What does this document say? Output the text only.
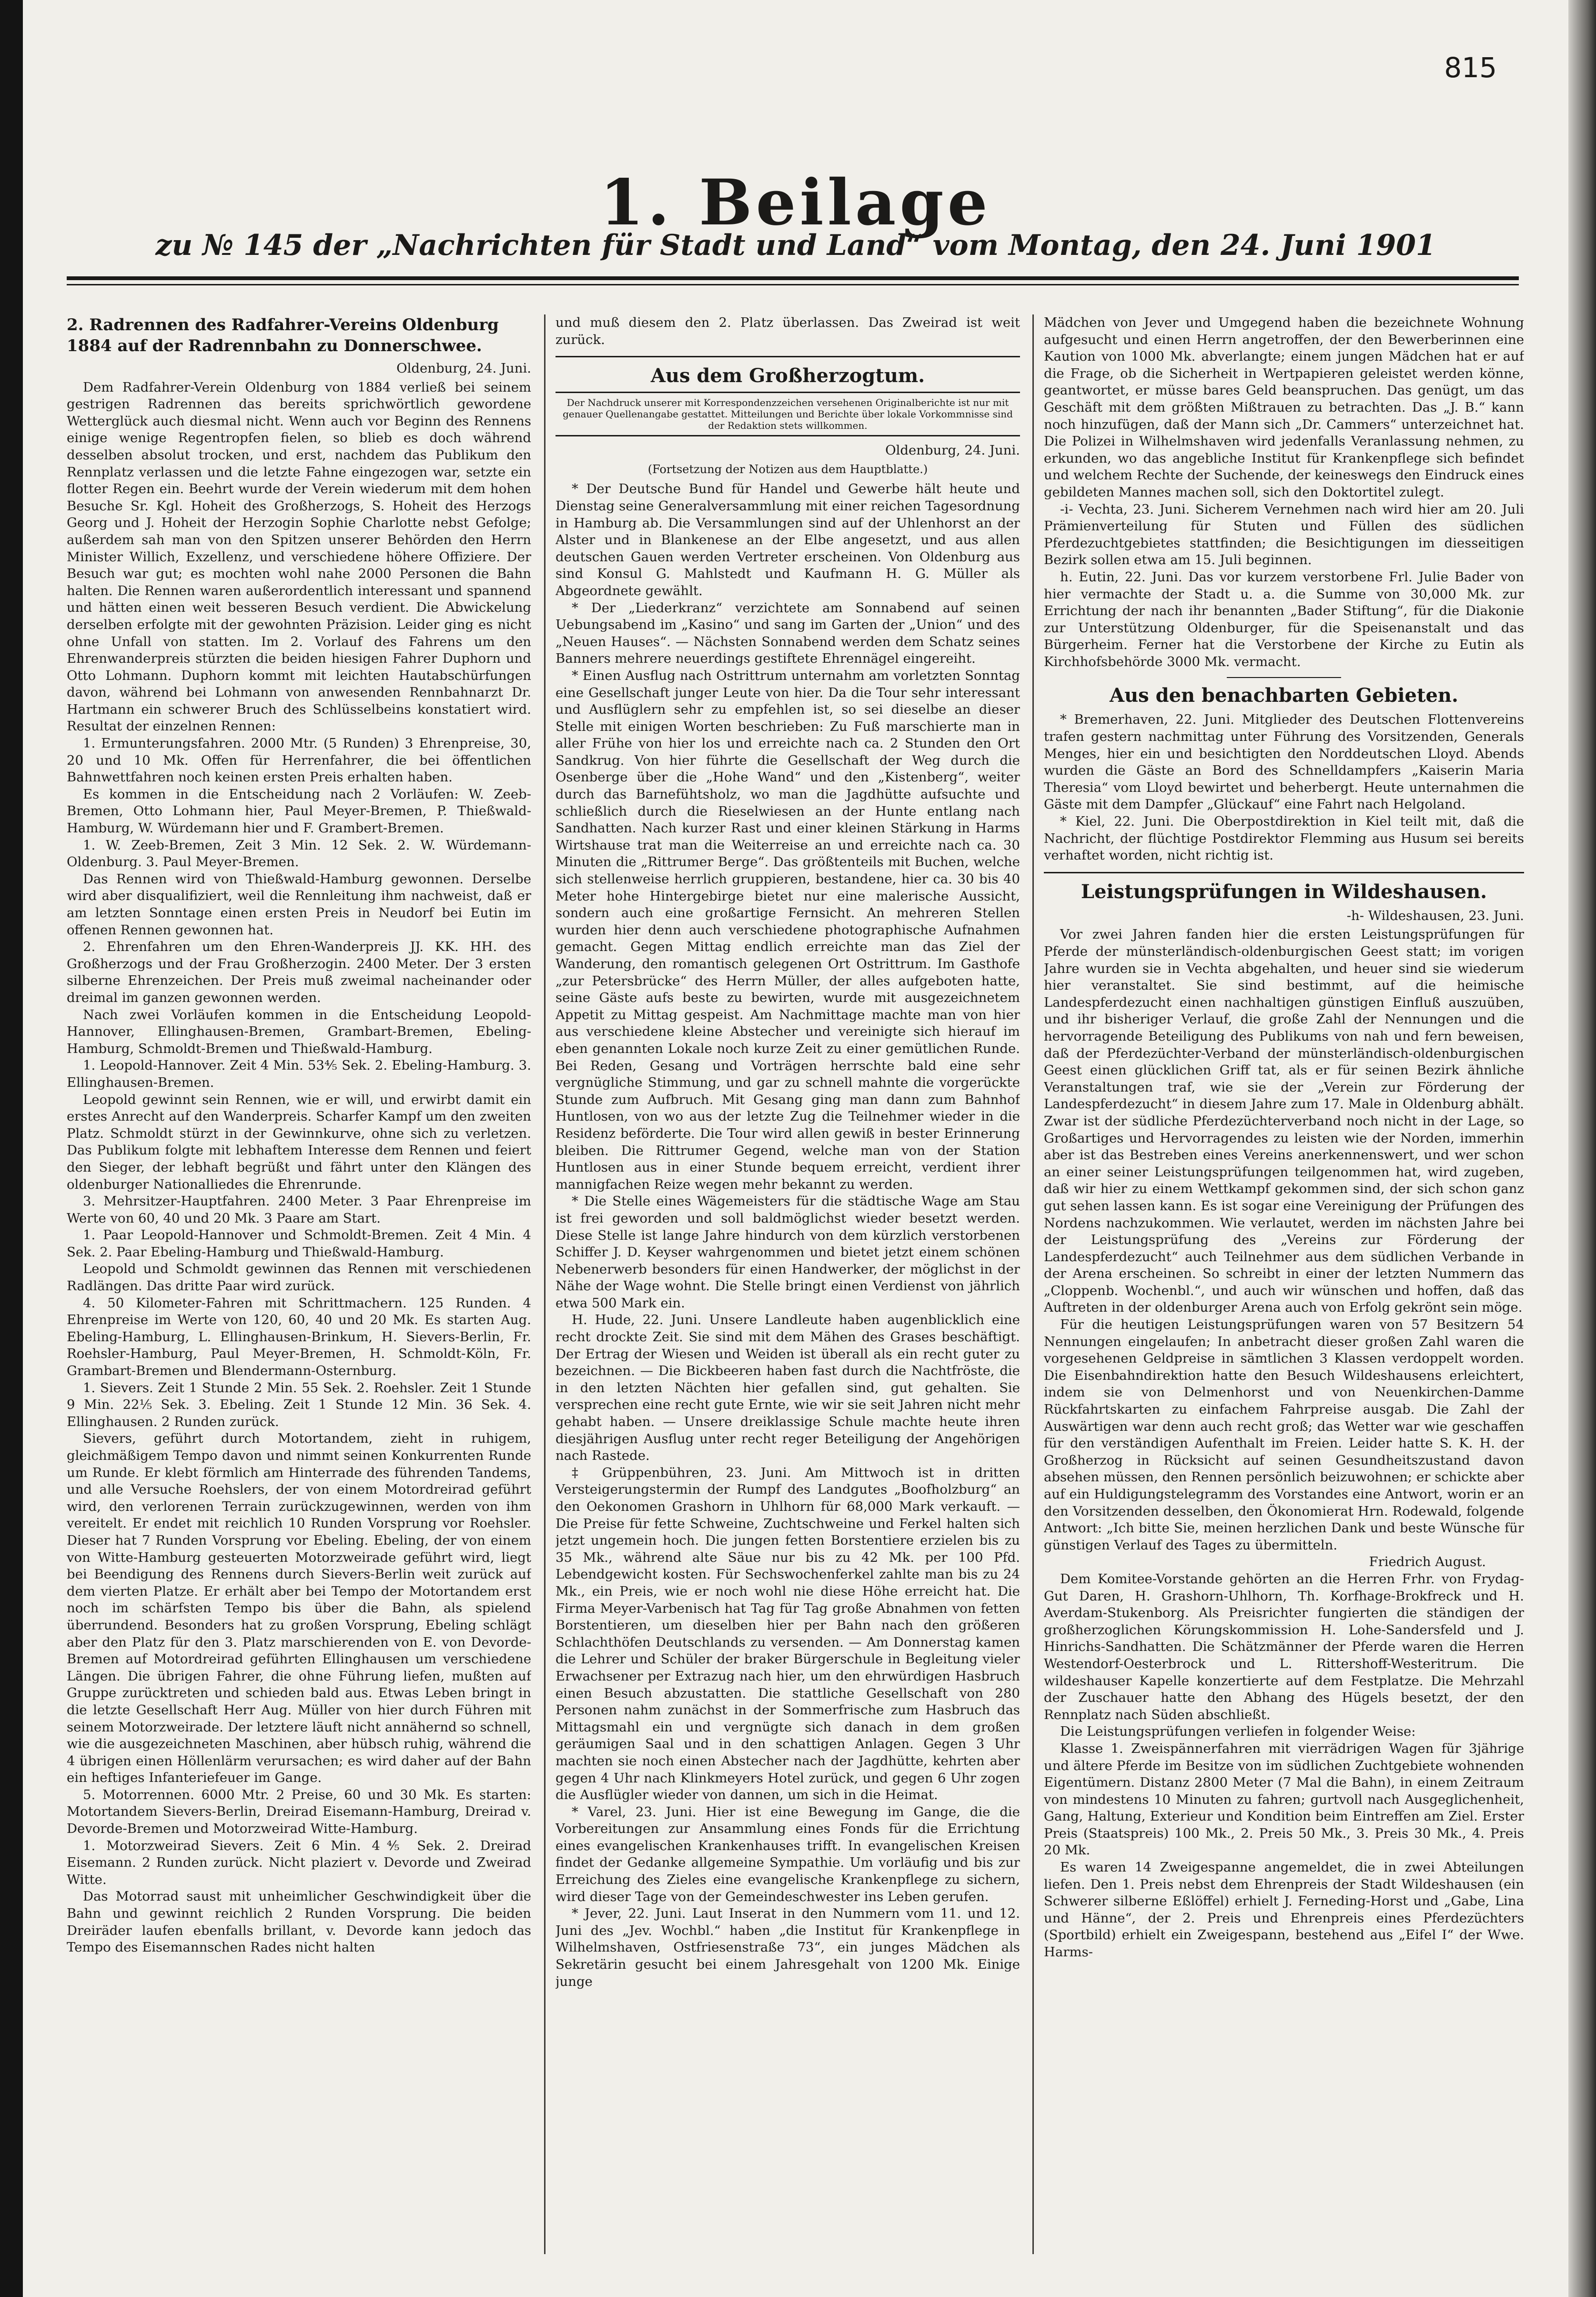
815
1. Beilage
zu № 145 der „Nachrichten für Stadt und Land“ vom Montag, den 24. Juni 1901
2. Radrennen des Radfahrer-Vereins Oldenburg 1884 auf der Radrennbahn zu Donnerschwee.
Oldenburg, 24. Juni.

Dem Radfahrer-Verein Oldenburg von 1884 verließ bei seinem gestrigen Radrennen das bereits sprichwörtlich gewordene Wetterglück auch diesmal nicht. Wenn auch vor Beginn des Rennens einige wenige Regentropfen fielen, so blieb es doch während desselben absolut trocken, und erst, nachdem das Publikum den Rennplatz verlassen und die letzte Fahne eingezogen war, setzte ein flotter Regen ein. Beehrt wurde der Verein wiederum mit dem hohen Besuche Sr. Kgl. Hoheit des Großherzogs, S. Hoheit des Herzogs Georg und J. Hoheit der Herzogin Sophie Charlotte nebst Gefolge; außerdem sah man von den Spitzen unserer Behörden den Herrn Minister Willich, Exzellenz, und verschiedene höhere Offiziere. Der Besuch war gut; es mochten wohl nahe 2000 Personen die Bahn halten. Die Rennen waren außerordentlich interessant und spannend und hätten einen weit besseren Besuch verdient. Die Abwickelung derselben erfolgte mit der gewohnten Präzision. Leider ging es nicht ohne Unfall von statten. Im 2. Vorlauf des Fahrens um den Ehrenwanderpreis stürzten die beiden hiesigen Fahrer Duphorn und Otto Lohmann. Duphorn kommt mit leichten Hautabschürfungen davon, während bei Lohmann von anwesenden Rennbahnarzt Dr. Hartmann ein schwerer Bruch des Schlüsselbeins konstatiert wird. Resultat der einzelnen Rennen:

1. Ermunterungsfahren. 2000 Mtr. (5 Runden) 3 Ehrenpreise, 30, 20 und 10 Mk. Offen für Herrenfahrer, die bei öffentlichen Bahnwettfahren noch keinen ersten Preis erhalten haben.

Es kommen in die Entscheidung nach 2 Vorläufen: W. Zeeb-Bremen, Otto Lohmann hier, Paul Meyer-Bremen, P. Thießwald-Hamburg, W. Würdemann hier und F. Grambert-Bremen.

1. W. Zeeb-Bremen, Zeit 3 Min. 12 Sek. 2. W. Würdemann-Oldenburg. 3. Paul Meyer-Bremen.

Das Rennen wird von Thießwald-Hamburg gewonnen. Derselbe wird aber disqualifiziert, weil die Rennleitung ihm nachweist, daß er am letzten Sonntage einen ersten Preis in Neudorf bei Eutin im offenen Rennen gewonnen hat.

2. Ehrenfahren um den Ehren-Wanderpreis JJ. KK. HH. des Großherzogs und der Frau Großherzogin. 2400 Meter. Der 3 ersten silberne Ehrenzeichen. Der Preis muß zweimal nacheinander oder dreimal im ganzen gewonnen werden.

Nach zwei Vorläufen kommen in die Entscheidung Leopold-Hannover, Ellinghausen-Bremen, Grambart-Bremen, Ebeling-Hamburg, Schmoldt-Bremen und Thießwald-Hamburg.

1. Leopold-Hannover. Zeit 4 Min. 53⅘ Sek. 2. Ebeling-Hamburg. 3. Ellinghausen-Bremen.

Leopold gewinnt sein Rennen, wie er will, und erwirbt damit ein erstes Anrecht auf den Wanderpreis. Scharfer Kampf um den zweiten Platz. Schmoldt stürzt in der Gewinnkurve, ohne sich zu verletzen. Das Publikum folgte mit lebhaftem Interesse dem Rennen und feiert den Sieger, der lebhaft begrüßt und fährt unter den Klängen des oldenburger Nationalliedes die Ehrenrunde.

3. Mehrsitzer-Hauptfahren. 2400 Meter. 3 Paar Ehrenpreise im Werte von 60, 40 und 20 Mk. 3 Paare am Start.

1. Paar Leopold-Hannover und Schmoldt-Bremen. Zeit 4 Min. 4 Sek. 2. Paar Ebeling-Hamburg und Thießwald-Hamburg.

Leopold und Schmoldt gewinnen das Rennen mit verschiedenen Radlängen. Das dritte Paar wird zurück.

4. 50 Kilometer-Fahren mit Schrittmachern. 125 Runden. 4 Ehrenpreise im Werte von 120, 60, 40 und 20 Mk. Es starten Aug. Ebeling-Hamburg, L. Ellinghausen-Brinkum, H. Sievers-Berlin, Fr. Roehsler-Hamburg, Paul Meyer-Bremen, H. Schmoldt-Köln, Fr. Grambart-Bremen und Blendermann-Osternburg.

1. Sievers. Zeit 1 Stunde 2 Min. 55 Sek. 2. Roehsler. Zeit 1 Stunde 9 Min. 22⅕ Sek. 3. Ebeling. Zeit 1 Stunde 12 Min. 36 Sek. 4. Ellinghausen. 2 Runden zurück.

Sievers, geführt durch Motortandem, zieht in ruhigem, gleichmäßigem Tempo davon und nimmt seinen Konkurrenten Runde um Runde. Er klebt förmlich am Hinterrade des führenden Tandems, und alle Versuche Roehslers, der von einem Motordreirad geführt wird, den verlorenen Terrain zurückzugewinnen, werden von ihm vereitelt. Er endet mit reichlich 10 Runden Vorsprung vor Roehsler. Dieser hat 7 Runden Vorsprung vor Ebeling. Ebeling, der von einem von Witte-Hamburg gesteuerten Motorzweirade geführt wird, liegt bei Beendigung des Rennens durch Sievers-Berlin weit zurück auf dem vierten Platze. Er erhält aber bei Tempo der Motortandem erst noch im schärfsten Tempo bis über die Bahn, als spielend überrundend. Besonders hat zu großen Vorsprung, Ebeling schlägt aber den Platz für den 3. Platz marschierenden von E. von Devorde-Bremen auf Motordreirad geführten Ellinghausen um verschiedene Längen. Die übrigen Fahrer, die ohne Führung liefen, mußten auf Gruppe zurücktreten und schieden bald aus. Etwas Leben bringt in die letzte Gesellschaft Herr Aug. Müller von hier durch Führen mit seinem Motorzweirade. Der letztere läuft nicht annähernd so schnell, wie die ausgezeichneten Maschinen, aber hübsch ruhig, während die 4 übrigen einen Höllenlärm verursachen; es wird daher auf der Bahn ein heftiges Infanteriefeuer im Gange.

5. Motorrennen. 6000 Mtr. 2 Preise, 60 und 30 Mk. Es starten: Motortandem Sievers-Berlin, Dreirad Eisemann-Hamburg, Dreirad v. Devorde-Bremen und Motorzweirad Witte-Hamburg.

1. Motorzweirad Sievers. Zeit 6 Min. 4⅘ Sek. 2. Dreirad Eisemann. 2 Runden zurück. Nicht plaziert v. Devorde und Zweirad Witte.

Das Motorrad saust mit unheimlicher Geschwindigkeit über die Bahn und gewinnt reichlich 2 Runden Vorsprung. Die beiden Dreiräder laufen ebenfalls brillant, v. Devorde kann jedoch das Tempo des Eisemannschen Rades nicht halten

und muß diesem den 2. Platz überlassen. Das Zweirad ist weit zurück.

Aus dem Großherzogtum.
Der Nachdruck unserer mit Korrespondenzzeichen versehenen Originalberichte ist nur mit genauer Quellenangabe gestattet. Mitteilungen und Berichte über lokale Vorkommnisse sind der Redaktion stets willkommen.
Oldenburg, 24. Juni.
(Fortsetzung der Notizen aus dem Hauptblatte.)

* Der Deutsche Bund für Handel und Gewerbe hält heute und Dienstag seine Generalversammlung mit einer reichen Tagesordnung in Hamburg ab. Die Versammlungen sind auf der Uhlenhorst an der Alster und in Blankenese an der Elbe angesetzt, und aus allen deutschen Gauen werden Vertreter erscheinen. Von Oldenburg aus sind Konsul G. Mahlstedt und Kaufmann H. G. Müller als Abgeordnete gewählt.

* Der „Liederkranz“ verzichtete am Sonnabend auf seinen Uebungsabend im „Kasino“ und sang im Garten der „Union“ und des „Neuen Hauses“. — Nächsten Sonnabend werden dem Schatz seines Banners mehrere neuerdings gestiftete Ehrennägel eingereiht.

* Einen Ausflug nach Ostrittrum unternahm am vorletzten Sonntag eine Gesellschaft junger Leute von hier. Da die Tour sehr interessant und Ausflüglern sehr zu empfehlen ist, so sei dieselbe an dieser Stelle mit einigen Worten beschrieben: Zu Fuß marschierte man in aller Frühe von hier los und erreichte nach ca. 2 Stunden den Ort Sandkrug. Von hier führte die Gesellschaft der Weg durch die Osenberge über die „Hohe Wand“ und den „Kistenberg“, weiter durch das Barnefühtsholz, wo man die Jagdhütte aufsuchte und schließlich durch die Rieselwiesen an der Hunte entlang nach Sandhatten. Nach kurzer Rast und einer kleinen Stärkung in Harms Wirtshause trat man die Weiterreise an und erreichte nach ca. 30 Minuten die „Rittrumer Berge“. Das größtenteils mit Buchen, welche sich stellenweise herrlich gruppieren, bestandene, hier ca. 30 bis 40 Meter hohe Hintergebirge bietet nur eine malerische Aussicht, sondern auch eine großartige Fernsicht. An mehreren Stellen wurden hier denn auch verschiedene photographische Aufnahmen gemacht. Gegen Mittag endlich erreichte man das Ziel der Wanderung, den romantisch gelegenen Ort Ostrittrum. Im Gasthofe „zur Petersbrücke“ des Herrn Müller, der alles aufgeboten hatte, seine Gäste aufs beste zu bewirten, wurde mit ausgezeichnetem Appetit zu Mittag gespeist. Am Nachmittage machte man von hier aus verschiedene kleine Abstecher und vereinigte sich hierauf im eben genannten Lokale noch kurze Zeit zu einer gemütlichen Runde. Bei Reden, Gesang und Vorträgen herrschte bald eine sehr vergnügliche Stimmung, und gar zu schnell mahnte die vorgerückte Stunde zum Aufbruch. Mit Gesang ging man dann zum Bahnhof Huntlosen, von wo aus der letzte Zug die Teilnehmer wieder in die Residenz beförderte. Die Tour wird allen gewiß in bester Erinnerung bleiben. Die Rittrumer Gegend, welche man von der Station Huntlosen aus in einer Stunde bequem erreicht, verdient ihrer mannigfachen Reize wegen mehr bekannt zu werden.

* Die Stelle eines Wägemeisters für die städtische Wage am Stau ist frei geworden und soll baldmöglichst wieder besetzt werden. Diese Stelle ist lange Jahre hindurch von dem kürzlich verstorbenen Schiffer J. D. Keyser wahrgenommen und bietet jetzt einem schönen Nebenerwerb besonders für einen Handwerker, der möglichst in der Nähe der Wage wohnt. Die Stelle bringt einen Verdienst von jährlich etwa 500 Mark ein.

H. Hude, 22. Juni. Unsere Landleute haben augenblicklich eine recht drockte Zeit. Sie sind mit dem Mähen des Grases beschäftigt. Der Ertrag der Wiesen und Weiden ist überall als ein recht guter zu bezeichnen. — Die Bickbeeren haben fast durch die Nachtfröste, die in den letzten Nächten hier gefallen sind, gut gehalten. Sie versprechen eine recht gute Ernte, wie wir sie seit Jahren nicht mehr gehabt haben. — Unsere dreiklassige Schule machte heute ihren diesjährigen Ausflug unter recht reger Beteiligung der Angehörigen nach Rastede.

‡ Grüppenbühren, 23. Juni. Am Mittwoch ist in dritten Versteigerungstermin der Rumpf des Landgutes „Boofholzburg“ an den Oekonomen Grashorn in Uhlhorn für 68,000 Mark verkauft. — Die Preise für fette Schweine, Zuchtschweine und Ferkel halten sich jetzt ungemein hoch. Die jungen fetten Borstentiere erzielen bis zu 35 Mk., während alte Säue nur bis zu 42 Mk. per 100 Pfd. Lebendgewicht kosten. Für Sechswochenferkel zahlte man bis zu 24 Mk., ein Preis, wie er noch wohl nie diese Höhe erreicht hat. Die Firma Meyer-Varbenisch hat Tag für Tag große Abnahmen von fetten Borstentieren, um dieselben hier per Bahn nach den größeren Schlachthöfen Deutschlands zu versenden. — Am Donnerstag kamen die Lehrer und Schüler der braker Bürgerschule in Begleitung vieler Erwachsener per Extrazug nach hier, um den ehrwürdigen Hasbruch einen Besuch abzustatten. Die stattliche Gesellschaft von 280 Personen nahm zunächst in der Sommerfrische zum Hasbruch das Mittagsmahl ein und vergnügte sich danach in dem großen geräumigen Saal und in den schattigen Anlagen. Gegen 3 Uhr machten sie noch einen Abstecher nach der Jagdhütte, kehrten aber gegen 4 Uhr nach Klinkmeyers Hotel zurück, und gegen 6 Uhr zogen die Ausflügler wieder von dannen, um sich in die Heimat.

* Varel, 23. Juni. Hier ist eine Bewegung im Gange, die die Vorbereitungen zur Ansammlung eines Fonds für die Errichtung eines evangelischen Krankenhauses trifft. In evangelischen Kreisen findet der Gedanke allgemeine Sympathie. Um vorläufig und bis zur Erreichung des Zieles eine evangelische Krankenpflege zu sichern, wird dieser Tage von der Gemeindeschwester ins Leben gerufen.

* Jever, 22. Juni. Laut Inserat in den Nummern vom 11. und 12. Juni des „Jev. Wochbl.“ haben „die Institut für Krankenpflege in Wilhelmshaven, Ostfriesenstraße 73“, ein junges Mädchen als Sekretärin gesucht bei einem Jahresgehalt von 1200 Mk. Einige junge

Mädchen von Jever und Umgegend haben die bezeichnete Wohnung aufgesucht und einen Herrn angetroffen, der den Bewerberinnen eine Kaution von 1000 Mk. abverlangte; einem jungen Mädchen hat er auf die Frage, ob die Sicherheit in Wertpapieren geleistet werden könne, geantwortet, er müsse bares Geld beanspruchen. Das genügt, um das Geschäft mit dem größten Mißtrauen zu betrachten. Das „J. B.“ kann noch hinzufügen, daß der Mann sich „Dr. Cammers“ unterzeichnet hat. Die Polizei in Wilhelmshaven wird jedenfalls Veranlassung nehmen, zu erkunden, wo das angebliche Institut für Krankenpflege sich befindet und welchem Rechte der Suchende, der keineswegs den Eindruck eines gebildeten Mannes machen soll, sich den Doktortitel zulegt.

-i- Vechta, 23. Juni. Sicherem Vernehmen nach wird hier am 20. Juli Prämienverteilung für Stuten und Füllen des südlichen Pferdezuchtgebietes stattfinden; die Besichtigungen im diesseitigen Bezirk sollen etwa am 15. Juli beginnen.

h. Eutin, 22. Juni. Das vor kurzem verstorbene Frl. Julie Bader von hier vermachte der Stadt u. a. die Summe von 30,000 Mk. zur Errichtung der nach ihr benannten „Bader Stiftung“, für die Diakonie zur Unterstützung Oldenburger, für die Speisenanstalt und das Bürgerheim. Ferner hat die Verstorbene der Kirche zu Eutin als Kirchhofsbehörde 3000 Mk. vermacht.

Aus den benachbarten Gebieten.

* Bremerhaven, 22. Juni. Mitglieder des Deutschen Flottenvereins trafen gestern nachmittag unter Führung des Vorsitzenden, Generals Menges, hier ein und besichtigten den Norddeutschen Lloyd. Abends wurden die Gäste an Bord des Schnelldampfers „Kaiserin Maria Theresia“ vom Lloyd bewirtet und beherbergt. Heute unternahmen die Gäste mit dem Dampfer „Glückauf“ eine Fahrt nach Helgoland.

* Kiel, 22. Juni. Die Oberpostdirektion in Kiel teilt mit, daß die Nachricht, der flüchtige Postdirektor Flemming aus Husum sei bereits verhaftet worden, nicht richtig ist.

Leistungsprüfungen in Wildeshausen.
-h- Wildeshausen, 23. Juni.

Vor zwei Jahren fanden hier die ersten Leistungsprüfungen für Pferde der münsterländisch-oldenburgischen Geest statt; im vorigen Jahre wurden sie in Vechta abgehalten, und heuer sind sie wiederum hier veranstaltet. Sie sind bestimmt, auf die heimische Landespferdezucht einen nachhaltigen günstigen Einfluß auszuüben, und ihr bisheriger Verlauf, die große Zahl der Nennungen und die hervorragende Beteiligung des Publikums von nah und fern beweisen, daß der Pferdezüchter-Verband der münsterländisch-oldenburgischen Geest einen glücklichen Griff tat, als er für seinen Bezirk ähnliche Veranstaltungen traf, wie sie der „Verein zur Förderung der Landespferdezucht“ in diesem Jahre zum 17. Male in Oldenburg abhält. Zwar ist der südliche Pferdezüchterverband noch nicht in der Lage, so Großartiges und Hervorragendes zu leisten wie der Norden, immerhin aber ist das Bestreben eines Vereins anerkennenswert, und wer schon an einer seiner Leistungsprüfungen teilgenommen hat, wird zugeben, daß wir hier zu einem Wettkampf gekommen sind, der sich schon ganz gut sehen lassen kann. Es ist sogar eine Vereinigung der Prüfungen des Nordens nachzukommen. Wie verlautet, werden im nächsten Jahre bei der Leistungsprüfung des „Vereins zur Förderung der Landespferdezucht“ auch Teilnehmer aus dem südlichen Verbande in der Arena erscheinen. So schreibt in einer der letzten Nummern das „Cloppenb. Wochenbl.“, und auch wir wünschen und hoffen, daß das Auftreten in der oldenburger Arena auch von Erfolg gekrönt sein möge.

Für die heutigen Leistungsprüfungen waren von 57 Besitzern 54 Nennungen eingelaufen; In anbetracht dieser großen Zahl waren die vorgesehenen Geldpreise in sämtlichen 3 Klassen verdoppelt worden. Die Eisenbahndirektion hatte den Besuch Wildeshausens erleichtert, indem sie von Delmenhorst und von Neuenkirchen-Damme Rückfahrtskarten zu einfachem Fahrpreise ausgab. Die Zahl der Auswärtigen war denn auch recht groß; das Wetter war wie geschaffen für den verständigen Aufenthalt im Freien. Leider hatte S. K. H. der Großherzog in Rücksicht auf seinen Gesundheitszustand davon absehen müssen, den Rennen persönlich beizuwohnen; er schickte aber auf ein Huldigungstelegramm des Vorstandes eine Antwort, worin er an den Vorsitzenden desselben, den Ökonomierat Hrn. Rodewald, folgende Antwort: „Ich bitte Sie, meinen herzlichen Dank und beste Wünsche für günstigen Verlauf des Tages zu übermitteln.

Friedrich August.

Dem Komitee-Vorstande gehörten an die Herren Frhr. von Frydag-Gut Daren, H. Grashorn-Uhlhorn, Th. Korfhage-Brokfreck und H. Averdam-Stukenborg. Als Preisrichter fungierten die ständigen der großherzoglichen Körungskommission H. Lohe-Sandersfeld und J. Hinrichs-Sandhatten. Die Schätzmänner der Pferde waren die Herren Westendorf-Oesterbrock und L. Rittershoff-Westeritrum. Die wildeshauser Kapelle konzertierte auf dem Festplatze. Die Mehrzahl der Zuschauer hatte den Abhang des Hügels besetzt, der den Rennplatz nach Süden abschließt.

Die Leistungsprüfungen verliefen in folgender Weise:

Klasse 1. Zweispännerfahren mit vierrädrigen Wagen für 3jährige und ältere Pferde im Besitze von im südlichen Zuchtgebiete wohnenden Eigentümern. Distanz 2800 Meter (7 Mal die Bahn), in einem Zeitraum von mindestens 10 Minuten zu fahren; gurtvoll nach Ausgeglichenheit, Gang, Haltung, Exterieur und Kondition beim Eintreffen am Ziel. Erster Preis (Staatspreis) 100 Mk., 2. Preis 50 Mk., 3. Preis 30 Mk., 4. Preis 20 Mk.

Es waren 14 Zweigespanne angemeldet, die in zwei Abteilungen liefen. Den 1. Preis nebst dem Ehrenpreis der Stadt Wildeshausen (ein Schwerer silberne Eßlöffel) erhielt J. Ferneding-Horst und „Gabe, Lina und Hänne“, der 2. Preis und Ehrenpreis eines Pferdezüchters (Sportbild) erhielt ein Zweigespann, bestehend aus „Eifel I“ der Wwe. Harms-
